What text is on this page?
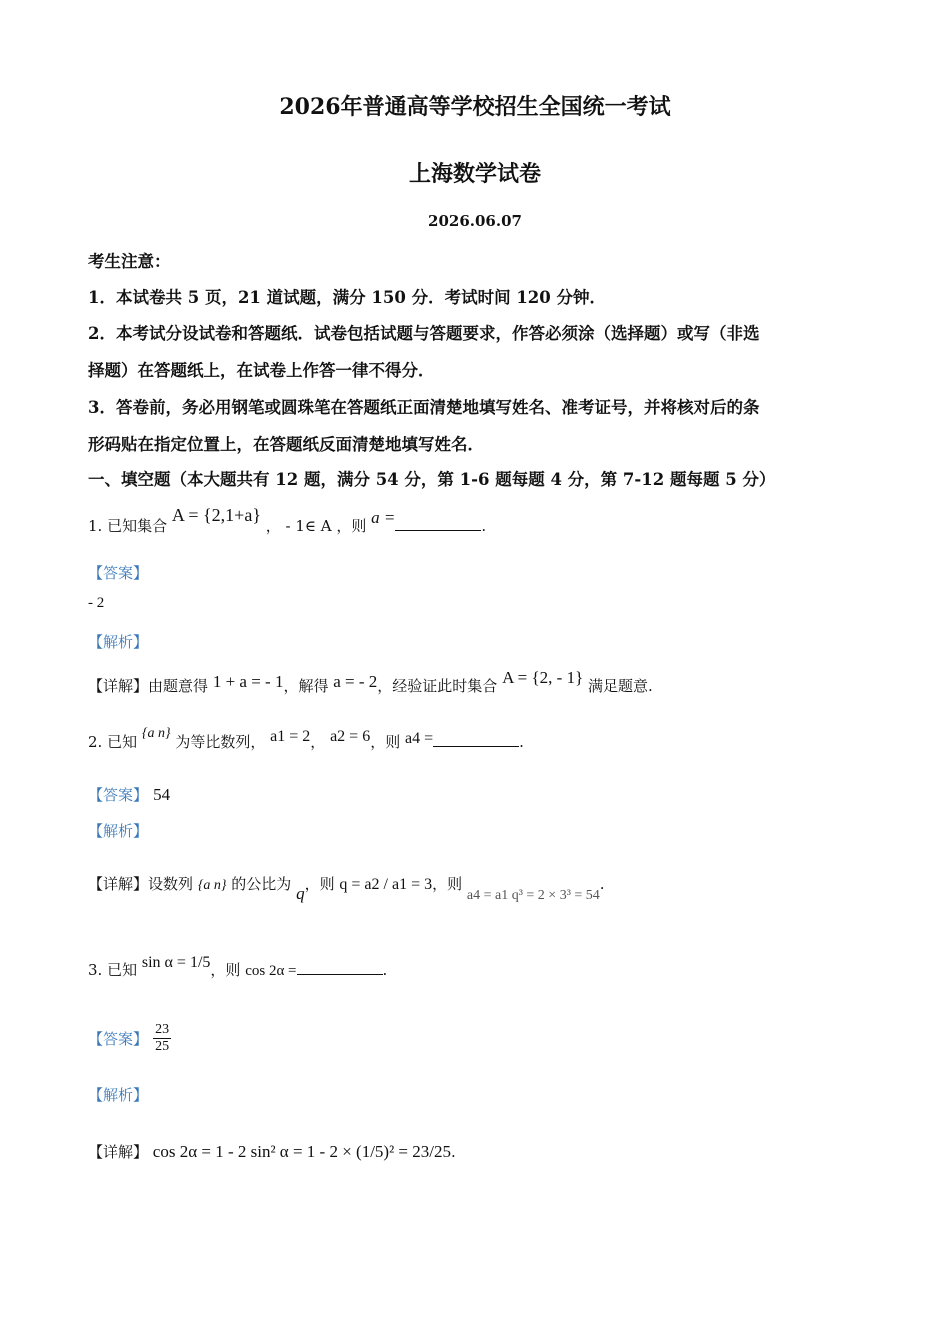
2026年普通高等学校招生全国统一考试
上海数学试卷
2026.06.07
考生注意：
1．本试卷共 5 页，21 道试题，满分 150 分．考试时间 120 分钟．
2．本考试分设试卷和答题纸．试卷包括试题与答题要求，作答必须涂（选择题）或写（非选
择题）在答题纸上，在试卷上作答一律不得分．
3．答卷前，务必用钢笔或圆珠笔在答题纸正面清楚地填写姓名、准考证号，并将核对后的条
形码贴在指定位置上，在答题纸反面清楚地填写姓名．
一、填空题（本大题共有 12 题，满分 54 分，第 1-6 题每题 4 分，第 7-12 题每题 5 分）
1. 已知集合 A = {2,1+a} ， - 1∈ A ，则 a =	.
【答案】
- 2
【解析】
【详解】由题意得 1 + a = - 1，解得 a = - 2，经验证此时集合 A = {2, - 1} 满足题意.
2. 已知 {a n} 为等比数列， a1 = 2， a2 = 6，则 a4 =	.
【答案】 54
【解析】
【详解】设数列 {a n} 的公比为 q，则 q = a2 / a1 = 3，则 a4 = a1 q³ = 2 × 3³ = 54.
3. 已知 sin α = 1/5，则 cos 2α =	.
【答案】 $\frac{23}{25}$
【解析】
【详解】 cos 2α = 1 - 2 sin² α = 1 - 2 × (1/5)² = 23/25.
